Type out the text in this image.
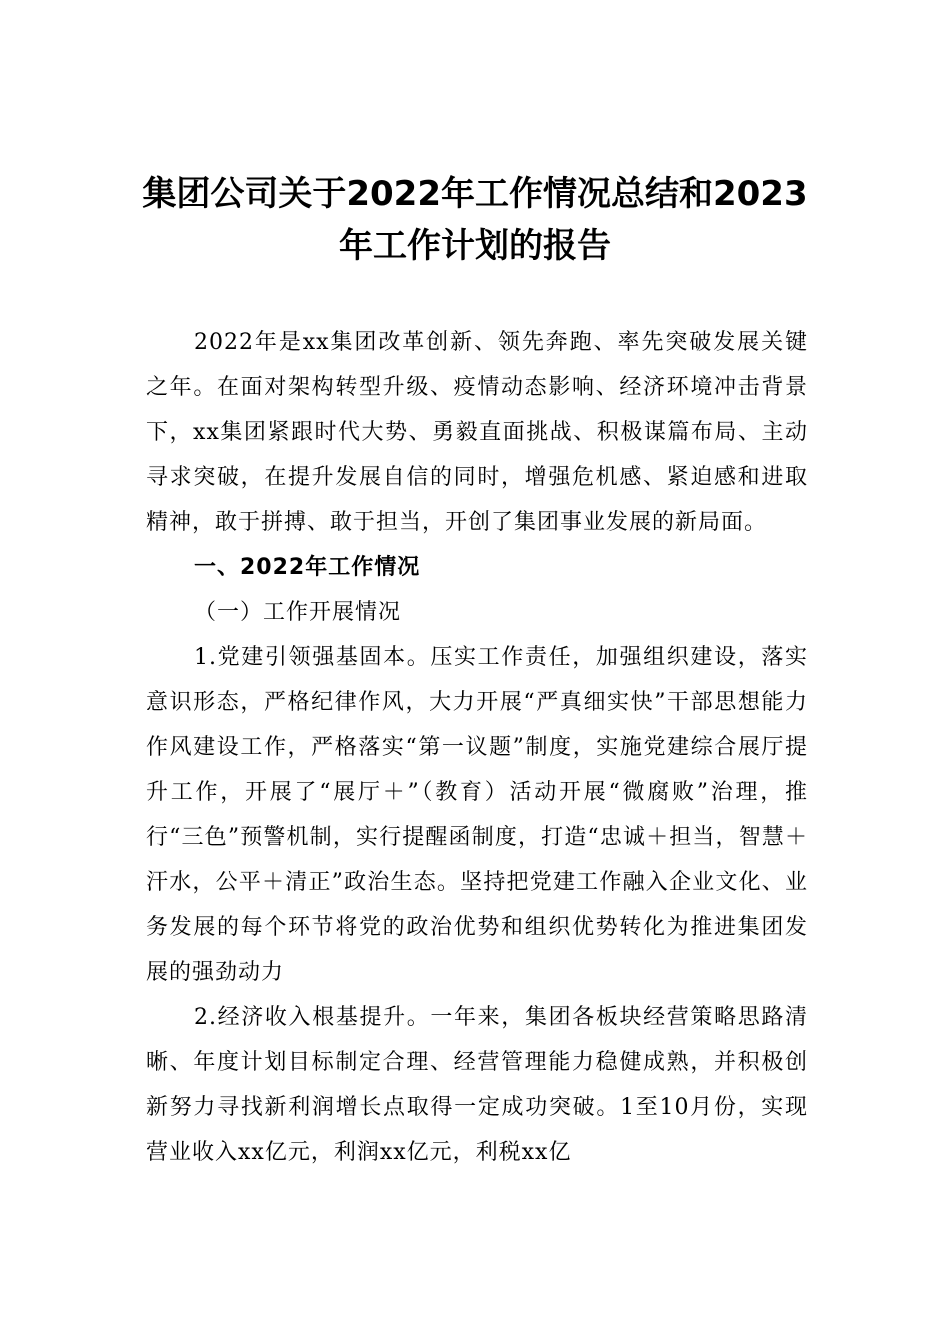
集团公司关于2022年工作情况总结和2023
年工作计划的报告

2022年是xx集团改革创新、领先奔跑、率先突破发展关键之年。在面对架构转型升级、疫情动态影响、经济环境冲击背景下，xx集团紧跟时代大势、勇毅直面挑战、积极谋篇布局、主动寻求突破，在提升发展自信的同时，增强危机感、紧迫感和进取精神，敢于拼搏、敢于担当，开创了集团事业发展的新局面。

一、2022年工作情况

（一）工作开展情况

1.党建引领强基固本。压实工作责任，加强组织建设，落实意识形态，严格纪律作风，大力开展“严真细实快”干部思想能力作风建设工作，严格落实“第一议题”制度，实施党建综合展厅提升工作，开展了“展厅＋”（教育）活动开展“微腐败”治理，推行“三色”预警机制，实行提醒函制度，打造“忠诚＋担当，智慧＋汗水，公平＋清正”政治生态。坚持把党建工作融入企业文化、业务发展的每个环节将党的政治优势和组织优势转化为推进集团发展的强劲动力

2.经济收入根基提升。一年来，集团各板块经营策略思路清晰、年度计划目标制定合理、经营管理能力稳健成熟，并积极创新努力寻找新利润增长点取得一定成功突破。1至10月份，实现营业收入xx亿元，利润xx亿元，利税xx亿
